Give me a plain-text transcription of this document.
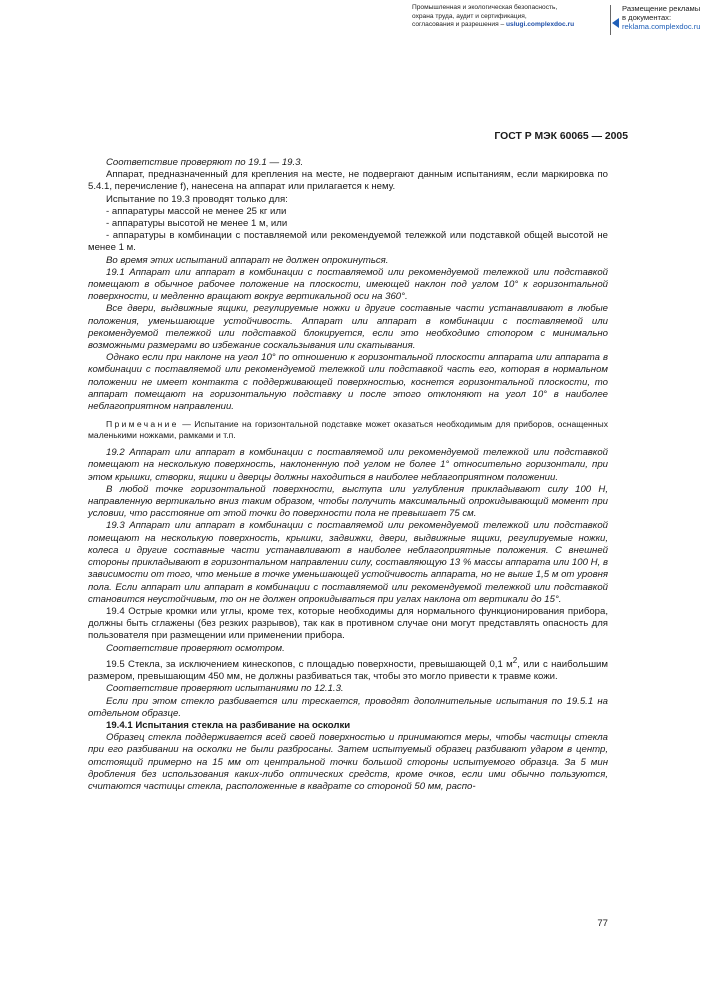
Промышленная и экологическая безопасность,
охрана труда, аудит и сертификация,
согласования и разрешения – uslugi.complexdoc.ru
Размещение рекламы
в документах:
reklama.complexdoc.ru
ГОСТ Р МЭК 60065 — 2005

Соответствие проверяют по 19.1 — 19.3.

Аппарат, предназначенный для крепления на месте, не подвергают данным испытаниям, если маркировка по 5.4.1, перечисление f), нанесена на аппарат или прилагается к нему.

Испытание по 19.3 проводят только для:

- аппаратуры массой не менее 25 кг или

- аппаратуры высотой не менее 1 м, или

- аппаратуры в комбинации с поставляемой или рекомендуемой тележкой или подставкой общей высотой не менее 1 м.

Во время этих испытаний аппарат не должен опрокинуться.

19.1 Аппарат или аппарат в комбинации с поставляемой или рекомендуемой тележкой или подставкой помещают в обычное рабочее положение на плоскости, имеющей наклон под углом 10° к горизонтальной поверхности, и медленно вращают вокруг вертикальной оси на 360°.

Все двери, выдвижные ящики, регулируемые ножки и другие составные части устанавливают в любые положения, уменьшающие устойчивость. Аппарат или аппарат в комбинации с поставляемой или рекомендуемой тележкой или подставкой блокируется, если это необходимо стопором с минимально возможными размерами во избежание соскальзывания или скатывания.

Однако если при наклоне на угол 10° по отношению к горизонтальной плоскости аппарата или аппарата в комбинации с поставляемой или рекомендуемой тележкой или подставкой часть его, которая в нормальном положении не имеет контакта с поддерживающей поверхностью, коснется горизонтальной плоскости, то аппарат помещают на горизонтальную подставку и после этого отклоняют на угол 10° в наиболее неблагоприятном направлении.

Примечание — Испытание на горизонтальной подставке может оказаться необходимым для приборов, оснащенных маленькими ножками, рамками и т.п.

19.2 Аппарат или аппарат в комбинации с поставляемой или рекомендуемой тележкой или подставкой помещают на несколькую поверхность, наклоненную под углом не более 1° относительно горизонтали, при этом крышки, створки, ящики и дверцы должны находиться в наиболее неблагоприятном положении.

В любой точке горизонтальной поверхности, выступа или углубления прикладывают силу 100 Н, направленную вертикально вниз таким образом, чтобы получить максимальный опрокидывающий момент при условии, что расстояние от этой точки до поверхности пола не превышает 75 см.

19.3 Аппарат или аппарат в комбинации с поставляемой или рекомендуемой тележкой или подставкой помещают на несколькую поверхность, крышки, задвижки, двери, выдвижные ящики, регулируемые ножки, колеса и другие составные части устанавливают в наиболее неблагоприятные положения. С внешней стороны прикладывают в горизонтальном направлении силу, составляющую 13 % массы аппарата или 100 Н, в зависимости от того, что меньше в точке уменьшающей устойчивость аппарата, но не выше 1,5 м от уровня пола. Если аппарат или аппарат в комбинации с поставляемой или рекомендуемой тележкой или подставкой становится неустойчивым, то он не должен опрокидываться при углах наклона от вертикали до 15°.

19.4 Острые кромки или углы, кроме тех, которые необходимы для нормального функционирования прибора, должны быть сглажены (без резких разрывов), так как в противном случае они могут представлять опасность для пользователя при размещении или применении прибора.

Соответствие проверяют осмотром.

19.5 Стекла, за исключением кинескопов, с площадью поверхности, превышающей 0,1 $м^2$, или с наибольшим размером, превышающим 450 мм, не должны разбиваться так, чтобы это могло привести к травме кожи.

Соответствие проверяют испытаниями по 12.1.3.

Если при этом стекло разбивается или трескается, проводят дополнительные испытания по 19.5.1 на отдельном образце.

19.4.1 Испытания стекла на разбивание на осколки

Образец стекла поддерживается всей своей поверхностью и принимаются меры, чтобы частицы стекла при его разбивании на осколки не были разбросаны. Затем испытуемый образец разбивают ударом в центр, отстоящий примерно на 15 мм от центральной точки большой стороны испытуемого образца. За 5 мин дробления без использования каких-либо оптических средств, кроме очков, если ими обычно пользуются, считаются частицы стекла, расположенные в квадрате со стороной 50 мм, распо-

77
